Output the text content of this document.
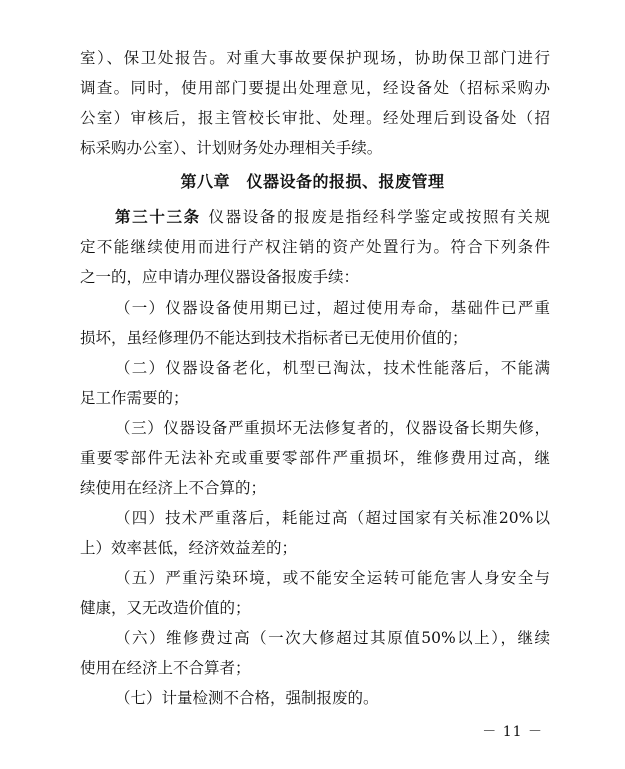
室）、保卫处报告。对重大事故要保护现场，协助保卫部门进行
调查。同时，使用部门要提出处理意见，经设备处（招标采购办
公室）审核后，报主管校长审批、处理。经处理后到设备处（招
标采购办公室）、计划财务处办理相关手续。
第八章　仪器设备的报损、报废管理
第三十三条 仪器设备的报废是指经科学鉴定或按照有关规
定不能继续使用而进行产权注销的资产处置行为。符合下列条件
之一的，应申请办理仪器设备报废手续：
（一）仪器设备使用期已过，超过使用寿命，基础件已严重
损坏，虽经修理仍不能达到技术指标者已无使用价值的；
（二）仪器设备老化，机型已淘汰，技术性能落后，不能满
足工作需要的；
（三）仪器设备严重损坏无法修复者的，仪器设备长期失修，
重要零部件无法补充或重要零部件严重损坏，维修费用过高，继
续使用在经济上不合算的；
（四）技术严重落后，耗能过高（超过国家有关标准20%以
上）效率甚低，经济效益差的；
（五）严重污染环境，或不能安全运转可能危害人身安全与
健康，又无改造价值的；
（六）维修费过高（一次大修超过其原值50%以上），继续
使用在经济上不合算者；
（七）计量检测不合格，强制报废的。
－ 11 －
